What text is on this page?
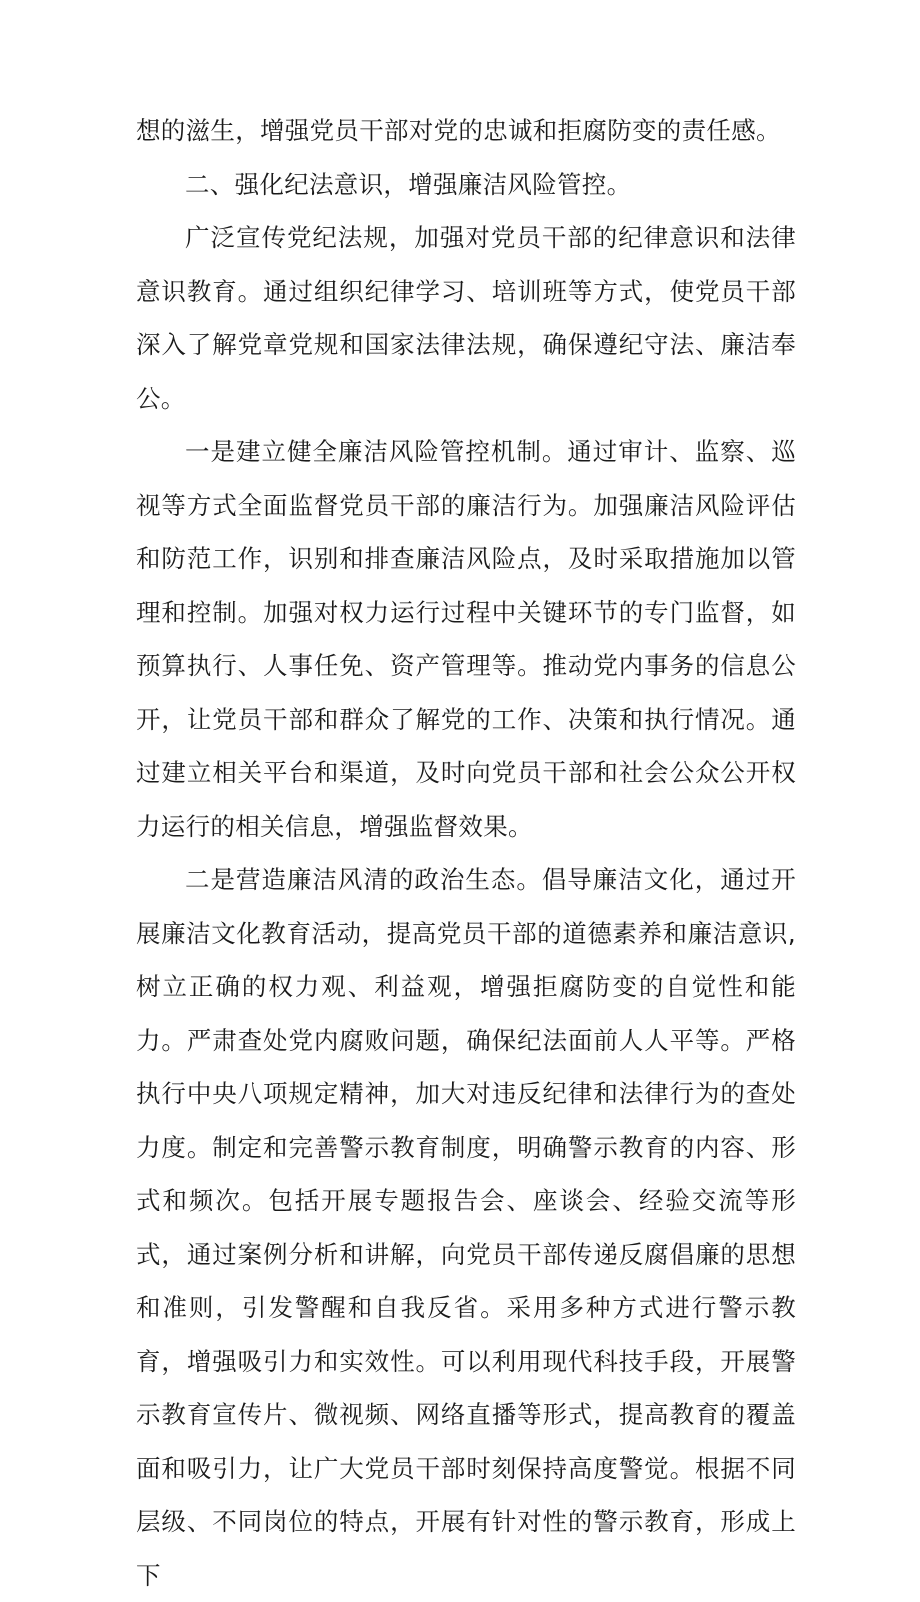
想的滋生，增强党员干部对党的忠诚和拒腐防变的责任感。

二、强化纪法意识，增强廉洁风险管控。

广泛宣传党纪法规，加强对党员干部的纪律意识和法律意识教育。通过组织纪律学习、培训班等方式，使党员干部深入了解党章党规和国家法律法规，确保遵纪守法、廉洁奉公。

一是建立健全廉洁风险管控机制。通过审计、监察、巡视等方式全面监督党员干部的廉洁行为。加强廉洁风险评估和防范工作，识别和排查廉洁风险点，及时采取措施加以管理和控制。加强对权力运行过程中关键环节的专门监督，如预算执行、人事任免、资产管理等。推动党内事务的信息公开，让党员干部和群众了解党的工作、决策和执行情况。通过建立相关平台和渠道，及时向党员干部和社会公众公开权力运行的相关信息，增强监督效果。

二是营造廉洁风清的政治生态。倡导廉洁文化，通过开展廉洁文化教育活动，提高党员干部的道德素养和廉洁意识,树立正确的权力观、利益观，增强拒腐防变的自觉性和能力。严肃查处党内腐败问题，确保纪法面前人人平等。严格执行中央八项规定精神，加大对违反纪律和法律行为的查处力度。制定和完善警示教育制度，明确警示教育的内容、形式和频次。包括开展专题报告会、座谈会、经验交流等形式，通过案例分析和讲解，向党员干部传递反腐倡廉的思想和准则，引发警醒和自我反省。采用多种方式进行警示教育，增强吸引力和实效性。可以利用现代科技手段，开展警示教育宣传片、微视频、网络直播等形式，提高教育的覆盖面和吸引力，让广大党员干部时刻保持高度警觉。根据不同层级、不同岗位的特点，开展有针对性的警示教育，形成上下
